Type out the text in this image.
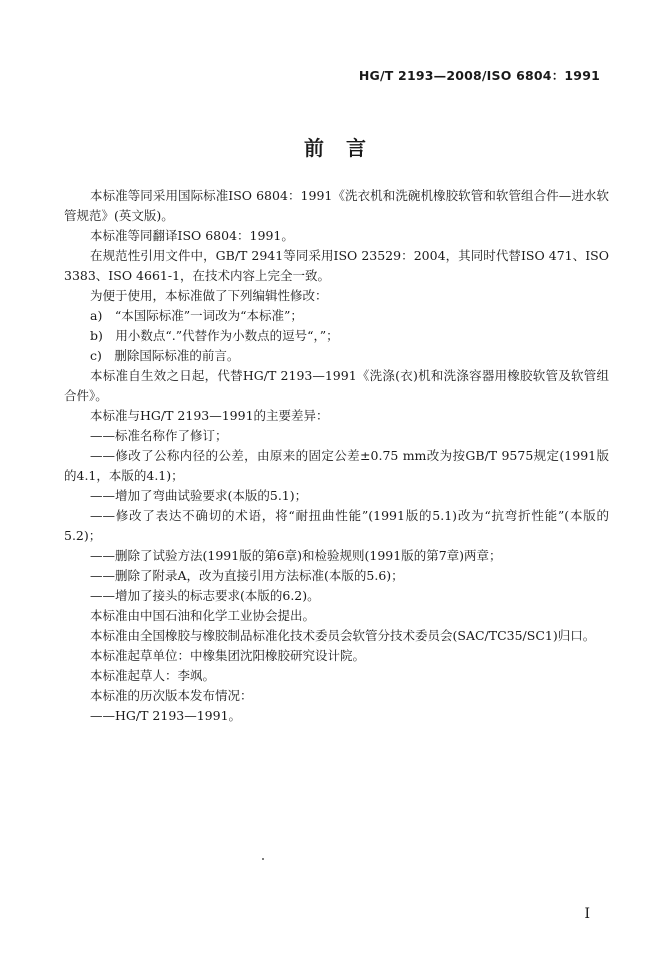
HG/T 2193—2008/ISO 6804：1991
前言

本标准等同采用国际标准ISO 6804：1991《洗衣机和洗碗机橡胶软管和软管组合件—进水软管规范》(英文版)。

本标准等同翻译ISO 6804：1991。

在规范性引用文件中，GB/T 2941等同采用ISO 23529：2004，其同时代替ISO 471、ISO 3383、ISO 4661-1，在技术内容上完全一致。

为便于使用，本标准做了下列编辑性修改：

a)　“本国际标准”一词改为“本标准”；

b)　用小数点“.”代替作为小数点的逗号“，”；

c)　删除国际标准的前言。

本标准自生效之日起，代替HG/T 2193—1991《洗涤(衣)机和洗涤容器用橡胶软管及软管组合件》。

本标准与HG/T 2193—1991的主要差异：

——标准名称作了修订；

——修改了公称内径的公差，由原来的固定公差±0.75 mm改为按GB/T 9575规定(1991版的4.1，本版的4.1)；

——增加了弯曲试验要求(本版的5.1)；

——修改了表达不确切的术语，将“耐扭曲性能”(1991版的5.1)改为“抗弯折性能”(本版的5.2)；

——删除了试验方法(1991版的第6章)和检验规则(1991版的第7章)两章；

——删除了附录A，改为直接引用方法标准(本版的5.6)；

——增加了接头的标志要求(本版的6.2)。

本标准由中国石油和化学工业协会提出。

本标准由全国橡胶与橡胶制品标准化技术委员会软管分技术委员会(SAC/TC35/SC1)归口。

本标准起草单位：中橡集团沈阳橡胶研究设计院。

本标准起草人：李飒。

本标准的历次版本发布情况：

——HG/T 2193—1991。

I
